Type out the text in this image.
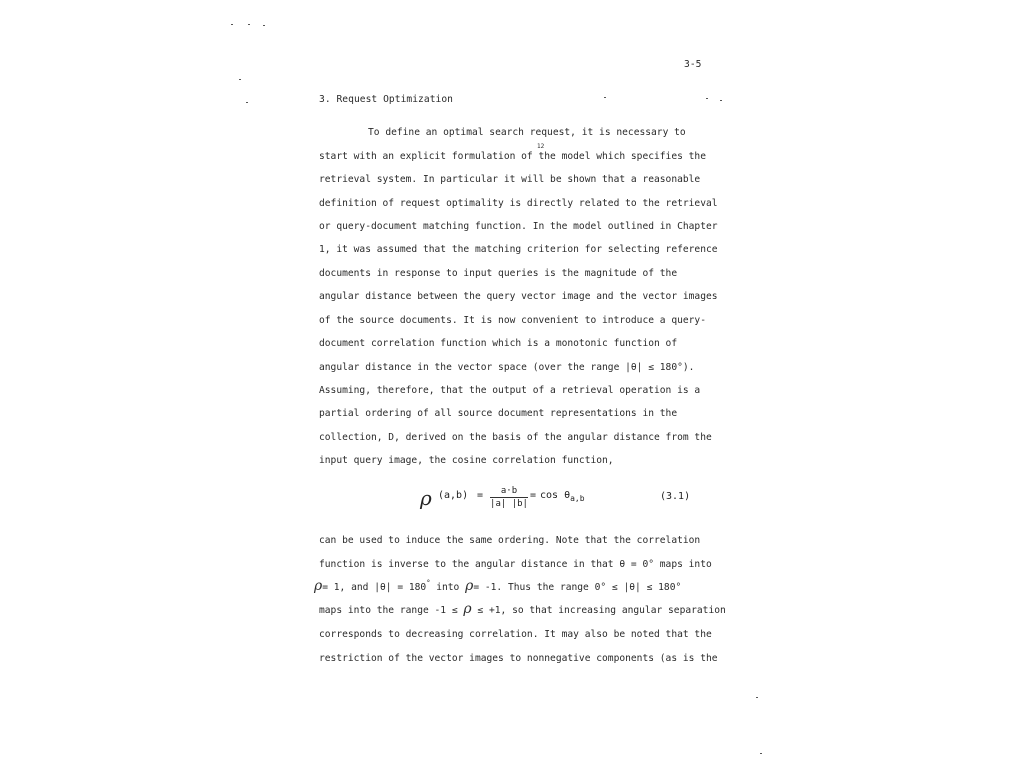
3-5
3. Request Optimization
12
To define an optimal search request, it is necessary to
start with an explicit formulation of the model which specifies the
retrieval system. In particular it will be shown that a reasonable
definition of request optimality is directly related to the retrieval
or query-document matching function. In the model outlined in Chapter
1, it was assumed that the matching criterion for selecting reference
documents in response to input queries is the magnitude of the
angular distance between the query vector image and the vector images
of the source documents. It is now convenient to introduce a query-
document correlation function which is a monotonic function of
angular distance in the vector space (over the range |θ| ≤ 180°).
Assuming, therefore, that the output of a retrieval operation is a
partial ordering of all source document representations in the
collection, D, derived on the basis of the angular distance from the
input query image, the cosine correlation function,
ρ $(a,b) = \frac{a\cdot b}{|a| |b|} = \cos \theta_{a,b}$	(3.1)
can be used to induce the same ordering. Note that the correlation
function is inverse to the angular distance in that θ = 0° maps into
ρ= 1, and |θ| = 180° into ρ= -1. Thus the range 0° ≤ |θ| ≤ 180°
maps into the range -1 ≤ ρ ≤ +1, so that increasing angular separation
corresponds to decreasing correlation. It may also be noted that the
restriction of the vector images to nonnegative components (as is the
